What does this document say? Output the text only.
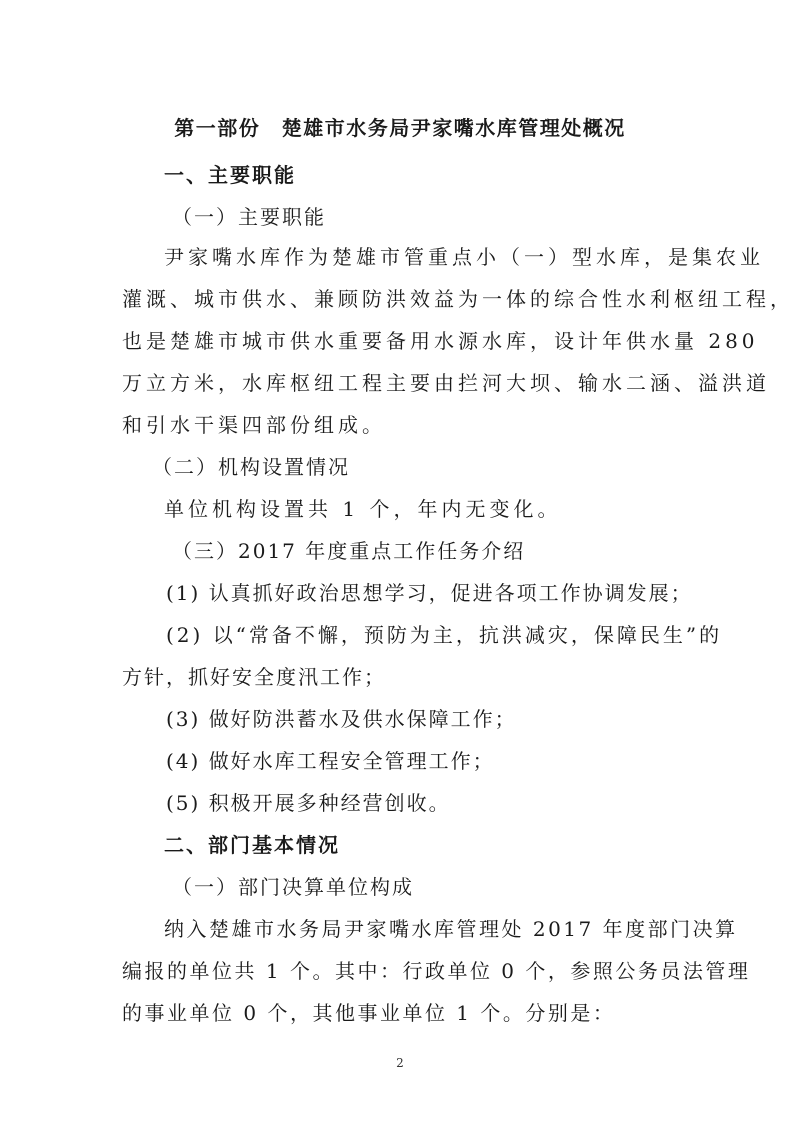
第一部份　楚雄市水务局尹家嘴水库管理处概况
一、主要职能
（一）主要职能
尹家嘴水库作为楚雄市管重点小（一）型水库，是集农业
灌溉、城市供水、兼顾防洪效益为一体的综合性水利枢纽工程，
也是楚雄市城市供水重要备用水源水库，设计年供水量 280
万立方米，水库枢纽工程主要由拦河大坝、输水二涵、溢洪道
和引水干渠四部份组成。
（二）机构设置情况
单位机构设置共 1 个，年内无变化。
（三）2017 年度重点工作任务介绍
(1) 认真抓好政治思想学习，促进各项工作协调发展；
(2) 以“常备不懈，预防为主，抗洪减灾，保障民生”的
方针，抓好安全度汛工作；
(3) 做好防洪蓄水及供水保障工作；
(4) 做好水库工程安全管理工作；
(5) 积极开展多种经营创收。
二、部门基本情况
（一）部门决算单位构成
纳入楚雄市水务局尹家嘴水库管理处 2017 年度部门决算
编报的单位共 1 个。其中：行政单位 0 个，参照公务员法管理
的事业单位 0 个，其他事业单位 1 个。分别是：
2
